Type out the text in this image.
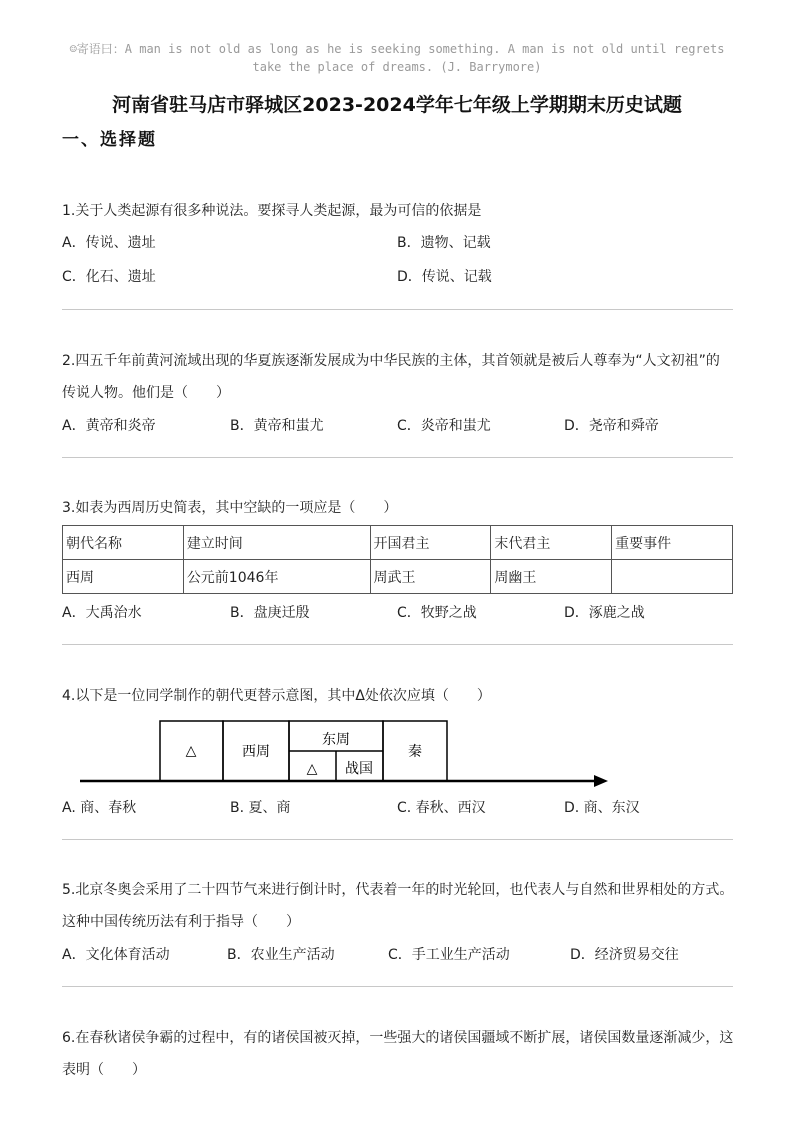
☺寄语曰：A man is not old as long as he is seeking something. A man is not old until regrets
take the place of dreams. (J. Barrymore)
河南省驻马店市驿城区2023-2024学年七年级上学期期末历史试题
一、选择题
1.关于人类起源有很多种说法。要探寻人类起源，最为可信的依据是
A．传说、遗址	B．遗物、记载
C．化石、遗址	D．传说、记载
2.四五千年前黄河流域出现的华夏族逐渐发展成为中华民族的主体，其首领就是被后人尊奉为“人文初祖”的
传说人物。他们是（　　）
A．黄帝和炎帝	B．黄帝和蚩尤	C．炎帝和蚩尤	D．尧帝和舜帝
3.如表为西周历史简表，其中空缺的一项应是（　　）
朝代名称	建立时间	开国君主	末代君主	重要事件
西周	公元前1046年	周武王	周幽王	
A．大禹治水	B．盘庚迁殷	C．牧野之战	D．涿鹿之战
4.以下是一位同学制作的朝代更替示意图，其中Δ处依次应填（　　）
△	西周
东周
△ 战国
秦
A. 商、春秋	B. 夏、商	C. 春秋、西汉	D. 商、东汉
5.北京冬奥会采用了二十四节气来进行倒计时，代表着一年的时光轮回，也代表人与自然和世界相处的方式。
这种中国传统历法有利于指导（　　）
A．文化体育活动	B．农业生产活动	C．手工业生产活动	D．经济贸易交往
6.在春秋诸侯争霸的过程中，有的诸侯国被灭掉，一些强大的诸侯国疆域不断扩展，诸侯国数量逐渐减少，这
表明（　　）
